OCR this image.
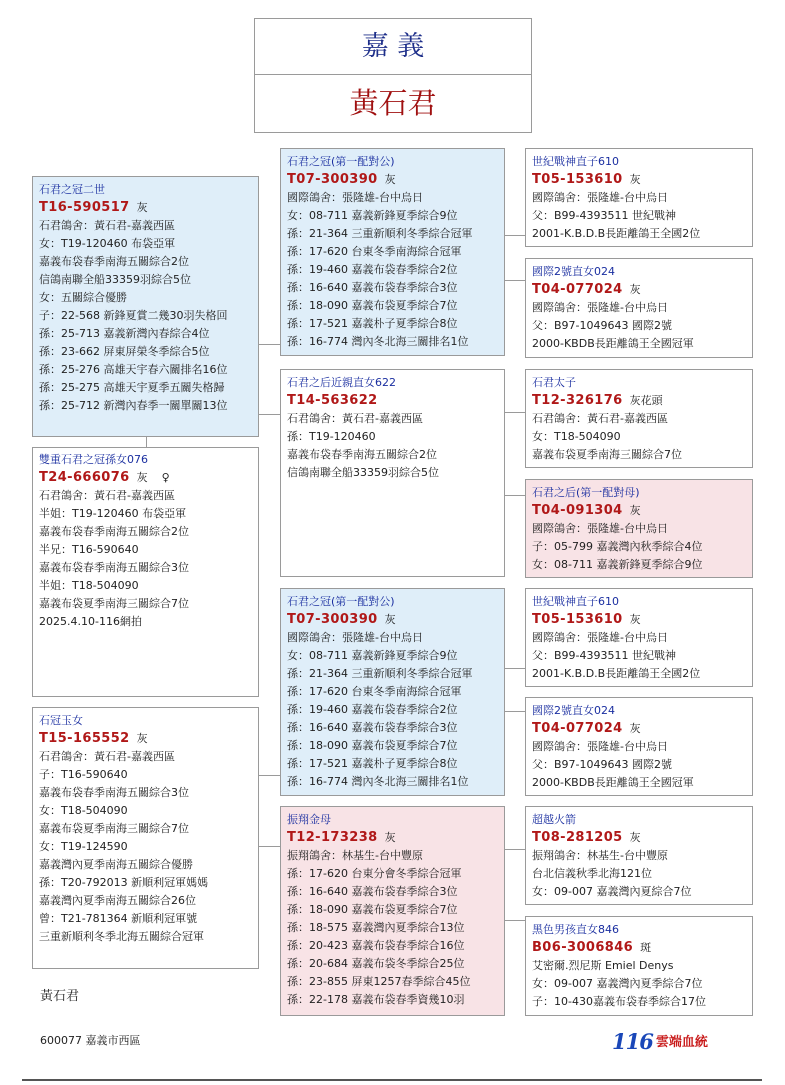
嘉 義
黃石君
石君之冠二世
T16-590517 灰
石君鴿舍：黃石君-嘉義西區
女：T19-120460 布袋亞軍
嘉義布袋春季南海五關綜合2位
信鴿南聯全船33359羽綜合5位
女：五關綜合優勝
子：22-568 新鋒夏賞二幾30羽失格回
孫：25-713 嘉義新灣內春綜合4位
孫：23-662 屏東屏榮冬季綜合5位
孫：25-276 高雄天宇春六關排名16位
孫：25-275 高雄天宇夏季五關失格歸
孫：25-712 新灣內春季一關單關13位
雙重石君之冠孫女076
T24-666076 灰 ♀
石君鴿舍：黃石君-嘉義西區
半姐：T19-120460 布袋亞軍
嘉義布袋春季南海五關綜合2位
半兄：T16-590640
嘉義布袋春季南海五關綜合3位
半姐：T18-504090
嘉義布袋夏季南海三關綜合7位
2025.4.10-116網拍
石冠玉女
T15-165552 灰
石君鴿舍：黃石君-嘉義西區
子：T16-590640
嘉義布袋春季南海五關綜合3位
女：T18-504090
嘉義布袋夏季南海三關綜合7位
女：T19-124590
嘉義灣內夏季南海五關綜合優勝
孫：T20-792013 新順利冠軍媽媽
嘉義灣內夏季南海五關綜合26位
曾：T21-781364 新順利冠軍號
三重新順利冬季北海五關綜合冠軍
石君之冠(第一配對公)
T07-300390 灰
國際鴿舍：張隆雄-台中烏日
女：08-711 嘉義新鋒夏季綜合9位
孫：21-364 三重新順利冬季綜合冠軍
孫：17-620 台東冬季南海綜合冠軍
孫：19-460 嘉義布袋春季綜合2位
孫：16-640 嘉義布袋春季綜合3位
孫：18-090 嘉義布袋夏季綜合7位
孫：17-521 嘉義朴子夏季綜合8位
孫：16-774 灣內冬北海三關排名1位
石君之后近親直女622
T14-563622
石君鴿舍：黃石君-嘉義西區
孫：T19-120460
嘉義布袋春季南海五關綜合2位
信鴿南聯全船33359羽綜合5位
石君之冠(第一配對公)
T07-300390 灰
國際鴿舍：張隆雄-台中烏日
女：08-711 嘉義新鋒夏季綜合9位
孫：21-364 三重新順利冬季綜合冠軍
孫：17-620 台東冬季南海綜合冠軍
孫：19-460 嘉義布袋春季綜合2位
孫：16-640 嘉義布袋春季綜合3位
孫：18-090 嘉義布袋夏季綜合7位
孫：17-521 嘉義朴子夏季綜合8位
孫：16-774 灣內冬北海三關排名1位
振翔金母
T12-173238 灰
振翔鴿舍：林基生-台中豐原
孫：17-620 台東分會冬季綜合冠軍
孫：16-640 嘉義布袋春季綜合3位
孫：18-090 嘉義布袋夏季綜合7位
孫：18-575 嘉義灣內夏季綜合13位
孫：20-423 嘉義布袋春季綜合16位
孫：20-684 嘉義布袋冬季綜合25位
孫：23-855 屏東1257春季綜合45位
孫：22-178 嘉義布袋春季資幾10羽
世紀戰神直子610
T05-153610 灰
國際鴿舍：張隆雄-台中烏日
父：B99-4393511 世紀戰神
2001-K.B.D.B長距離鴿王全國2位
國際2號直女024
T04-077024 灰
國際鴿舍：張隆雄-台中烏日
父：B97-1049643 國際2號
2000-KBDB長距離鴿王全國冠軍
石君太子
T12-326176 灰花頭
石君鴿舍：黃石君-嘉義西區
女：T18-504090
嘉義布袋夏季南海三關綜合7位
石君之后(第一配對母)
T04-091304 灰
國際鴿舍：張隆雄-台中烏日
子：05-799 嘉義灣內秋季綜合4位
女：08-711 嘉義新鋒夏季綜合9位
世紀戰神直子610
T05-153610 灰
國際鴿舍：張隆雄-台中烏日
父：B99-4393511 世紀戰神
2001-K.B.D.B長距離鴿王全國2位
國際2號直女024
T04-077024 灰
國際鴿舍：張隆雄-台中烏日
父：B97-1049643 國際2號
2000-KBDB長距離鴿王全國冠軍
超越火箭
T08-281205 灰
振翔鴿舍：林基生-台中豐原
台北信義秋季北海121位
女：09-007 嘉義灣內夏綜合7位
黑色男孩直女846
B06-3006846 斑
艾密爾.烈尼斯 Emiel Denys
女：09-007 嘉義灣內夏季綜合7位
子：10-430嘉義布袋春季綜合17位
黃石君
600077 嘉義市西區	116 雲端血統
